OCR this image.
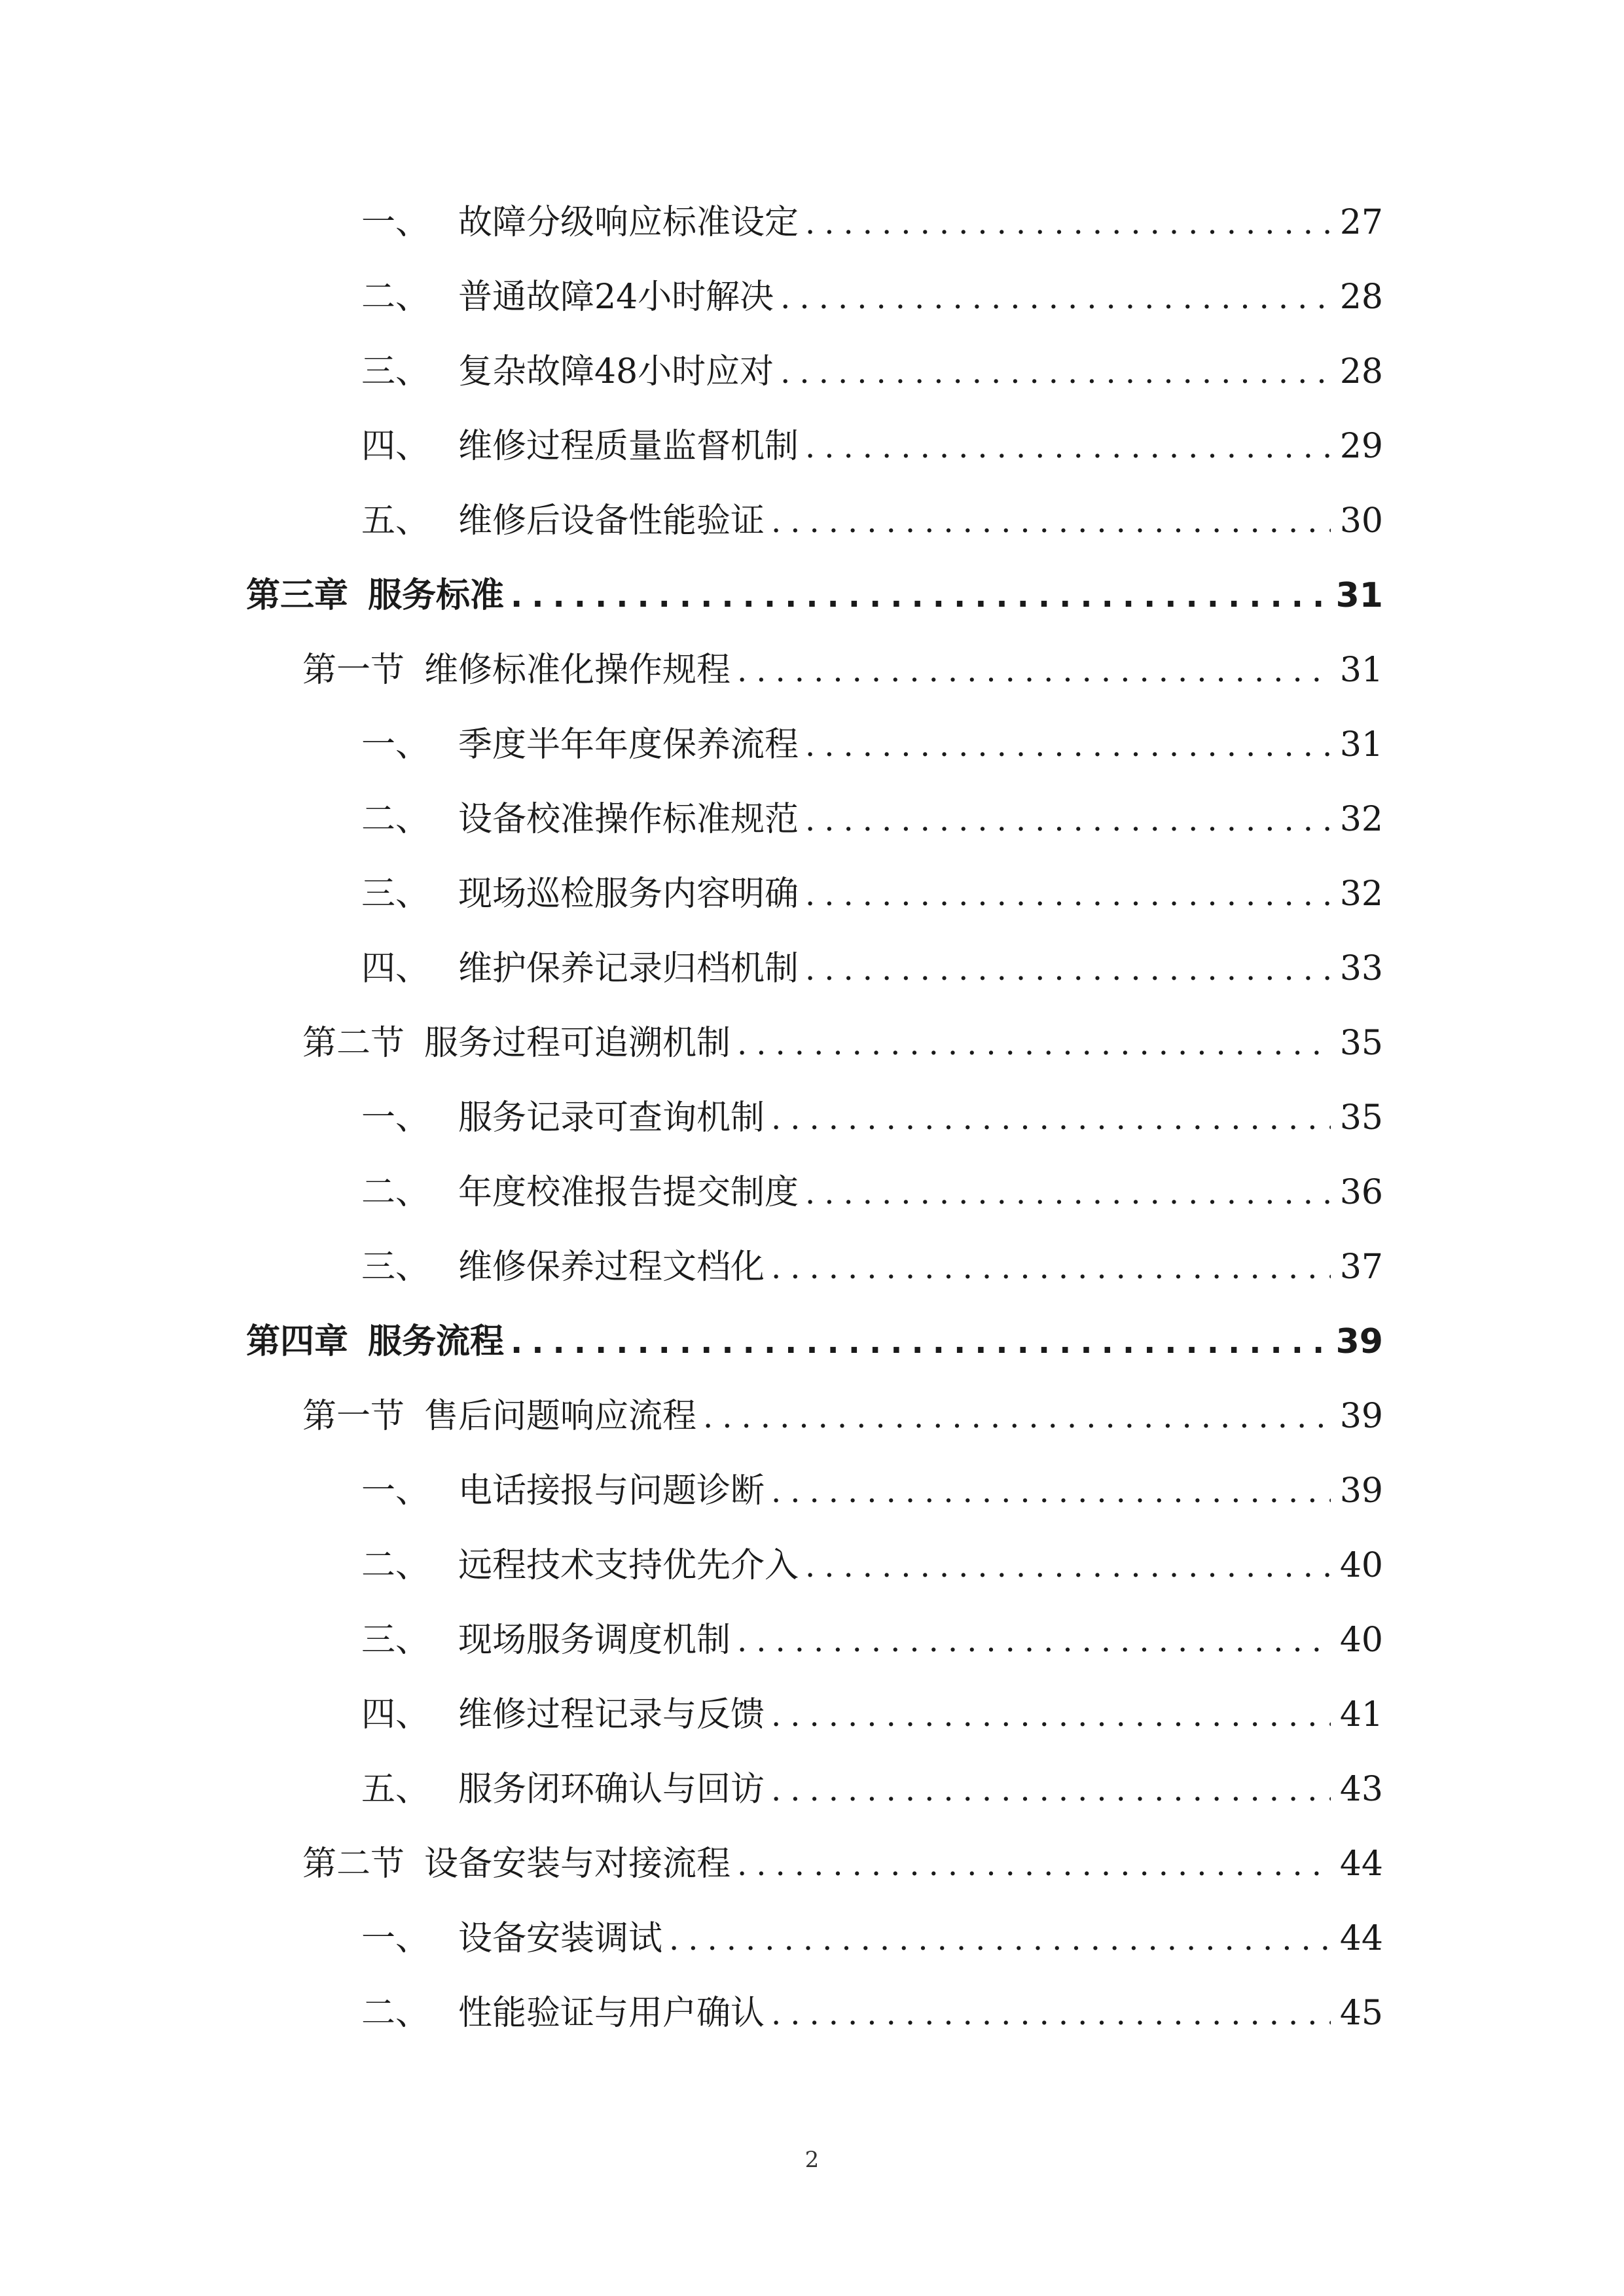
一、 故障分级响应标准设定 .....	27
二、 普通故障24小时解决 .....	28
三、 复杂故障48小时应对 .....	28
四、 维修过程质量监督机制 .....	29
五、 维修后设备性能验证 .....	30
第三章 服务标准 .....	31
第一节 维修标准化操作规程 .....	31
一、 季度半年年度保养流程 .....	31
二、 设备校准操作标准规范 .....	32
三、 现场巡检服务内容明确 .....	32
四、 维护保养记录归档机制 .....	33
第二节 服务过程可追溯机制 .....	35
一、 服务记录可查询机制 .....	35
二、 年度校准报告提交制度 .....	36
三、 维修保养过程文档化 .....	37
第四章 服务流程 .....	39
第一节 售后问题响应流程 .....	39
一、 电话接报与问题诊断 .....	39
二、 远程技术支持优先介入 .....	40
三、 现场服务调度机制 .....	40
四、 维修过程记录与反馈 .....	41
五、 服务闭环确认与回访 .....	43
第二节 设备安装与对接流程 .....	44
一、 设备安装调试 .....	44
二、 性能验证与用户确认 .....	45
2
